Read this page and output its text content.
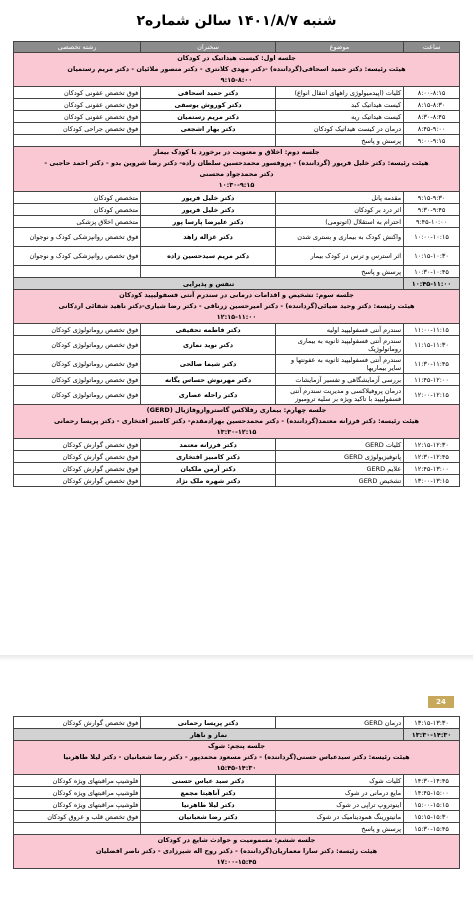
شنبه ۱۴۰۱/۸/۷ سالن شماره۲
ساعت	موضوع	سخنران	رشته تخصصی

جلسه اول: کیست هیداتیک در کودکان
هیئت رئیسه: دکتر حمید اسحاقی(گرداننده) -دکتر مهدی کلانتری - دکتر منصور ملائیان - دکتر مریم رستمیان
۹:۱۵-۸:۰۰			

۸:۰۰-۸:۱۵	کلیات (اپیدمیولوژی راههای انتقال انواع)	دکتر حمید اسحاقی	فوق تخصص عفونی کودکان
۸:۱۵-۸:۳۰	کیست هیداتیک کبد	دکتر کوروش یوسفی	فوق تخصص عفونی کودکان
۸:۳۰-۸:۴۵	کیست هیداتیک ریه	دکتر مریم رستمیان	فوق تخصص عفونی کودکان
۸:۴۵-۹:۰۰	درمان در کیست هیداتیک کودکان	دکتر بهار اشجعی	فوق تخصص جراحی کودکان
۹:۰۰-۹:۱۵	پرسش و پاسخ		

جلسه دوم: اخلاق و معنویت در برخورد با کودک بیمار
هیئت رئیسه: دکتر خلیل فریور (گرداننده) - پروفسور محمدحسین سلطان زاده- دکتر رضا شروین بدو - دکتر احمد حاجبی -
دکتر محمدجواد محسنی
۱۰:۳۰-۹:۱۵			

۹:۱۵-۹:۳۰	مقدمه پانل	دکتر خلیل فریور	متخصص کودکان
۹:۳۰-۹:۴۵	اثر درد بر کودکان	دکتر خلیل فریور	متخصص کودکان
۹:۴۵-۱۰:۰۰	احترام به استقلال (اتونومی)	دکتر علیرضا پارسا پور	متخصص اخلاق پزشکی
۱۰:۰۰-۱۰:۱۵	واکنش کودک به بیماری و بستری شدن	دکتر غزاله زاهد	فوق تخصص روانپزشکی کودک و نوجوان
۱۰:۱۵-۱۰:۳۰	اثر استرس و ترس در کودک بیمار	دکتر مریم سیدحسین زاده	فوق تخصص روانپزشکی کودک و نوجوان
۱۰:۳۰-۱۰:۴۵	پرسش و پاسخ		
۱۰:۴۵-۱۱:۰۰	تنفس و پذیرایی		

جلسه سوم: تشخیص و اقدامات درمانی در سندرم آنتی فسفولیپید کودکان
هیئت رئیسه: دکتر وحید ضیائی(گرداننده) - دکتر امیرحسین زرناقی - دکتر رضا شیاری-دکتر ناهید شفائی اردکانی
۱۲:۱۵-۱۱:۰۰			

۱۱:۰۰-۱۱:۱۵	سندرم آنتی فسفولیپید اولیه	دکتر فاطمه تحقیقی	فوق تخصص روماتولوژی کودکان
۱۱:۱۵-۱۱:۳۰	سندرم آنتی فسفولیپید ثانویه به بیماری روماتولوژیک	دکتر نوید نمازی	فوق تخصص روماتولوژی کودکان
۱۱:۳۰-۱۱:۴۵	سندرم آنتی فسفولیپید ثانویه به عفونتها و سایر بیماریها	دکتر شیما صالحی	فوق تخصص روماتولوژی کودکان
۱۱:۴۵-۱۲:۰۰	بررسی آزمایشگاهی و تفسیر آزمایشات	دکتر مهرنوش حساس یگانه	فوق تخصص روماتولوژی کودکان
۱۲:۰۰-۱۲:۱۵	درمان پروفیلاکسی و مدیریت سندرم آنتی فسفولیپید با تاکید ویژه بر سلیه ترومبوز	دکتر راحله عصاری	فوق تخصص روماتولوژی کودکان

جلسه چهارم: بیماری رفلاکس گاستروازوفاژیال (GERD)
هیئت رئیسه: دکتر فرزانه معتمد(گرداننده) - دکتر محمدحسین بهزادمقدم- دکتر کامبیز افتخاری - دکتر پریسا رحمانی
۱۳:۳۰-۱۲:۱۵			

۱۲:۱۵-۱۲:۳۰	کلیات GERD	دکتر فرزانه معتمد	فوق تخصص گوارش کودکان
۱۲:۳۰-۱۲:۴۵	پاتوفیزیولوژی GERD	دکتر کامبیز افتخاری	فوق تخصص گوارش کودکان
۱۲:۴۵-۱۳:۰۰	علایم GERD	دکتر آرمن ملکیان	فوق تخصص گوارش کودکان
۱۳:۰۰-۱۳:۱۵	تشخیص GERD	دکتر شهره ملک نژاد	فوق تخصص گوارش کودکان
24
۱۳:۱۵-۱۳:۳۰	درمان GERD	دکتر پریسا رحمانی	فوق تخصص گوارش کودکان
۱۳:۳۰-۱۴:۳۰	نماز و ناهار		

جلسه پنجم: شوک
هیئت رئیسه: دکتر سیدعباس حسنی(گرداننده) - دکتر مسعود محمدپور - دکتر رضا شعبانیان - دکتر لیلا طاهرنیا
۱۵:۴۵-۱۴:۳۰			

۱۴:۳۰-۱۴:۴۵	کلیات شوک	دکتر سید عباس حسنی	فلوشیپ مراقبتهای ویژه کودکان
۱۴:۴۵-۱۵:۰۰	مایع درمانی در شوک	دکتر آناهیتا مجمع	فلوشیپ مراقبتهای ویژه کودکان
۱۵:۰۰-۱۵:۱۵	اینوتروپ تراپی در شوک	دکتر لیلا طاهرنیا	فلوشیپ مراقبتهای ویژه کودکان
۱۵:۱۵-۱۵:۳۰	مانیتورینگ همودینامیک در شوک	دکتر رضا شعبانیان	فوق تخصص قلب و عروق کودکان
۱۵:۳۰-۱۵:۴۵	پرسش و پاسخ		

جلسه ششم: مسمومیت و حوادث شایع در کودکان
هیئت رئیسه: دکتر سارا معماریان(گرداننده) - دکتر روح اله شیرزادی - دکتر ناصر افضلیان
۱۷:۰۰-۱۵:۴۵			
